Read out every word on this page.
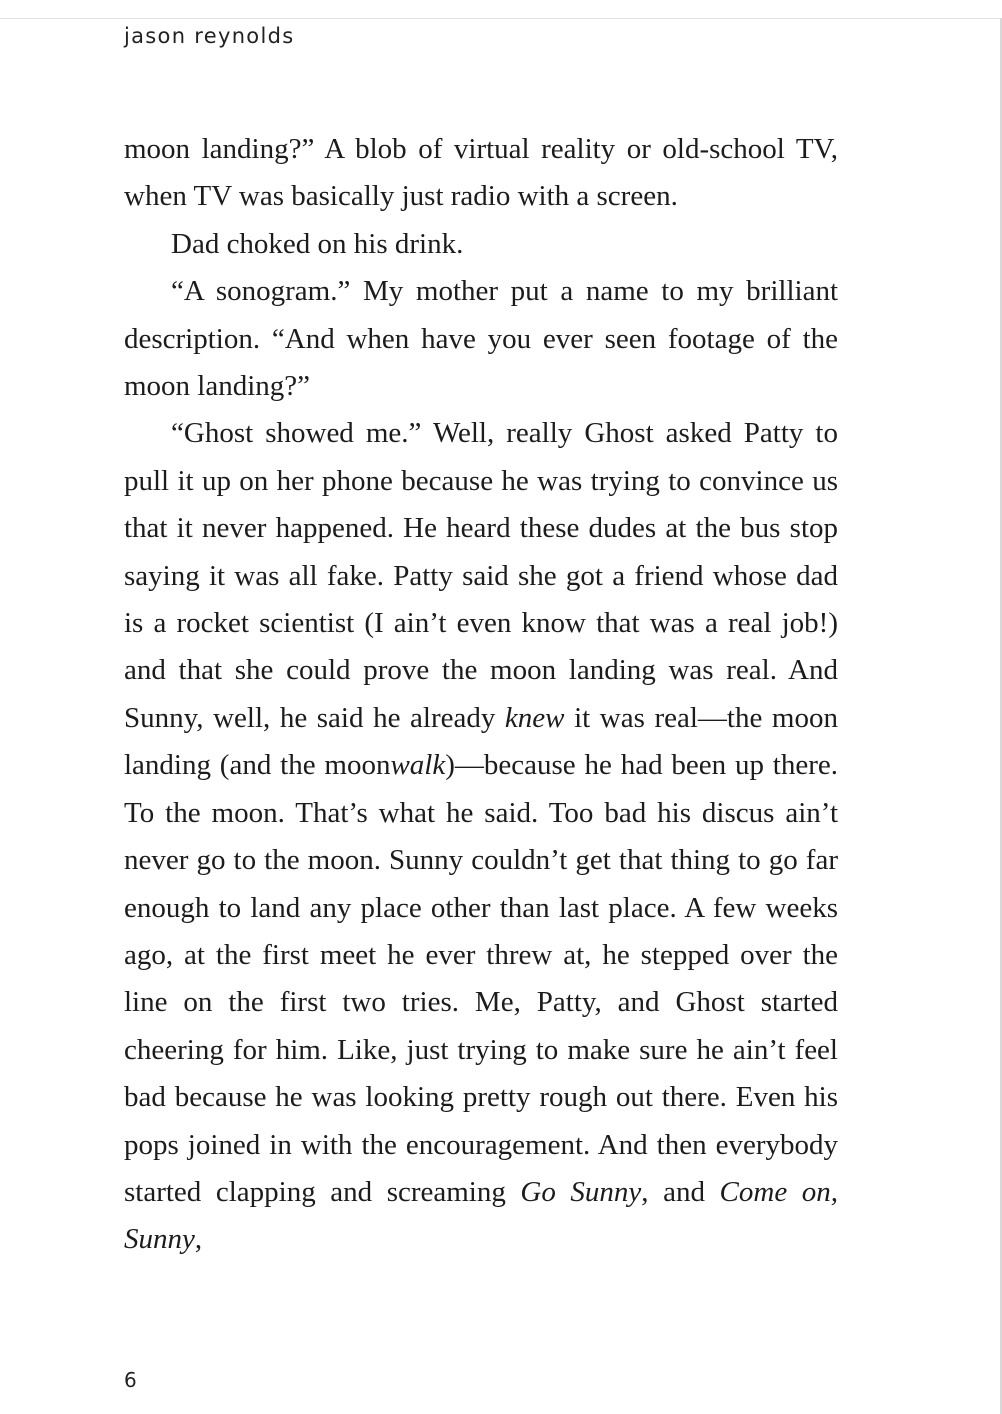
jason reynolds

moon landing?” A blob of virtual reality or old-school TV, when TV was basically just radio with a screen.

Dad choked on his drink.

“A sonogram.” My mother put a name to my brilliant description. “And when have you ever seen footage of the moon landing?”

“Ghost showed me.” Well, really Ghost asked Patty to pull it up on her phone because he was trying to convince us that it never happened. He heard these dudes at the bus stop saying it was all fake. Patty said she got a friend whose dad is a rocket scientist (I ain’t even know that was a real job!) and that she could prove the moon landing was real. And Sunny, well, he said he already knew it was real—the moon landing (and the moonwalk)—because he had been up there. To the moon. That’s what he said. Too bad his discus ain’t never go to the moon. Sunny couldn’t get that thing to go far enough to land any place other than last place. A few weeks ago, at the first meet he ever threw at, he stepped over the line on the first two tries. Me, Patty, and Ghost started cheering for him. Like, just trying to make sure he ain’t feel bad because he was looking pretty rough out there. Even his pops joined in with the encouragement. And then everybody started clapping and screaming Go Sunny, and Come on, Sunny,

6
